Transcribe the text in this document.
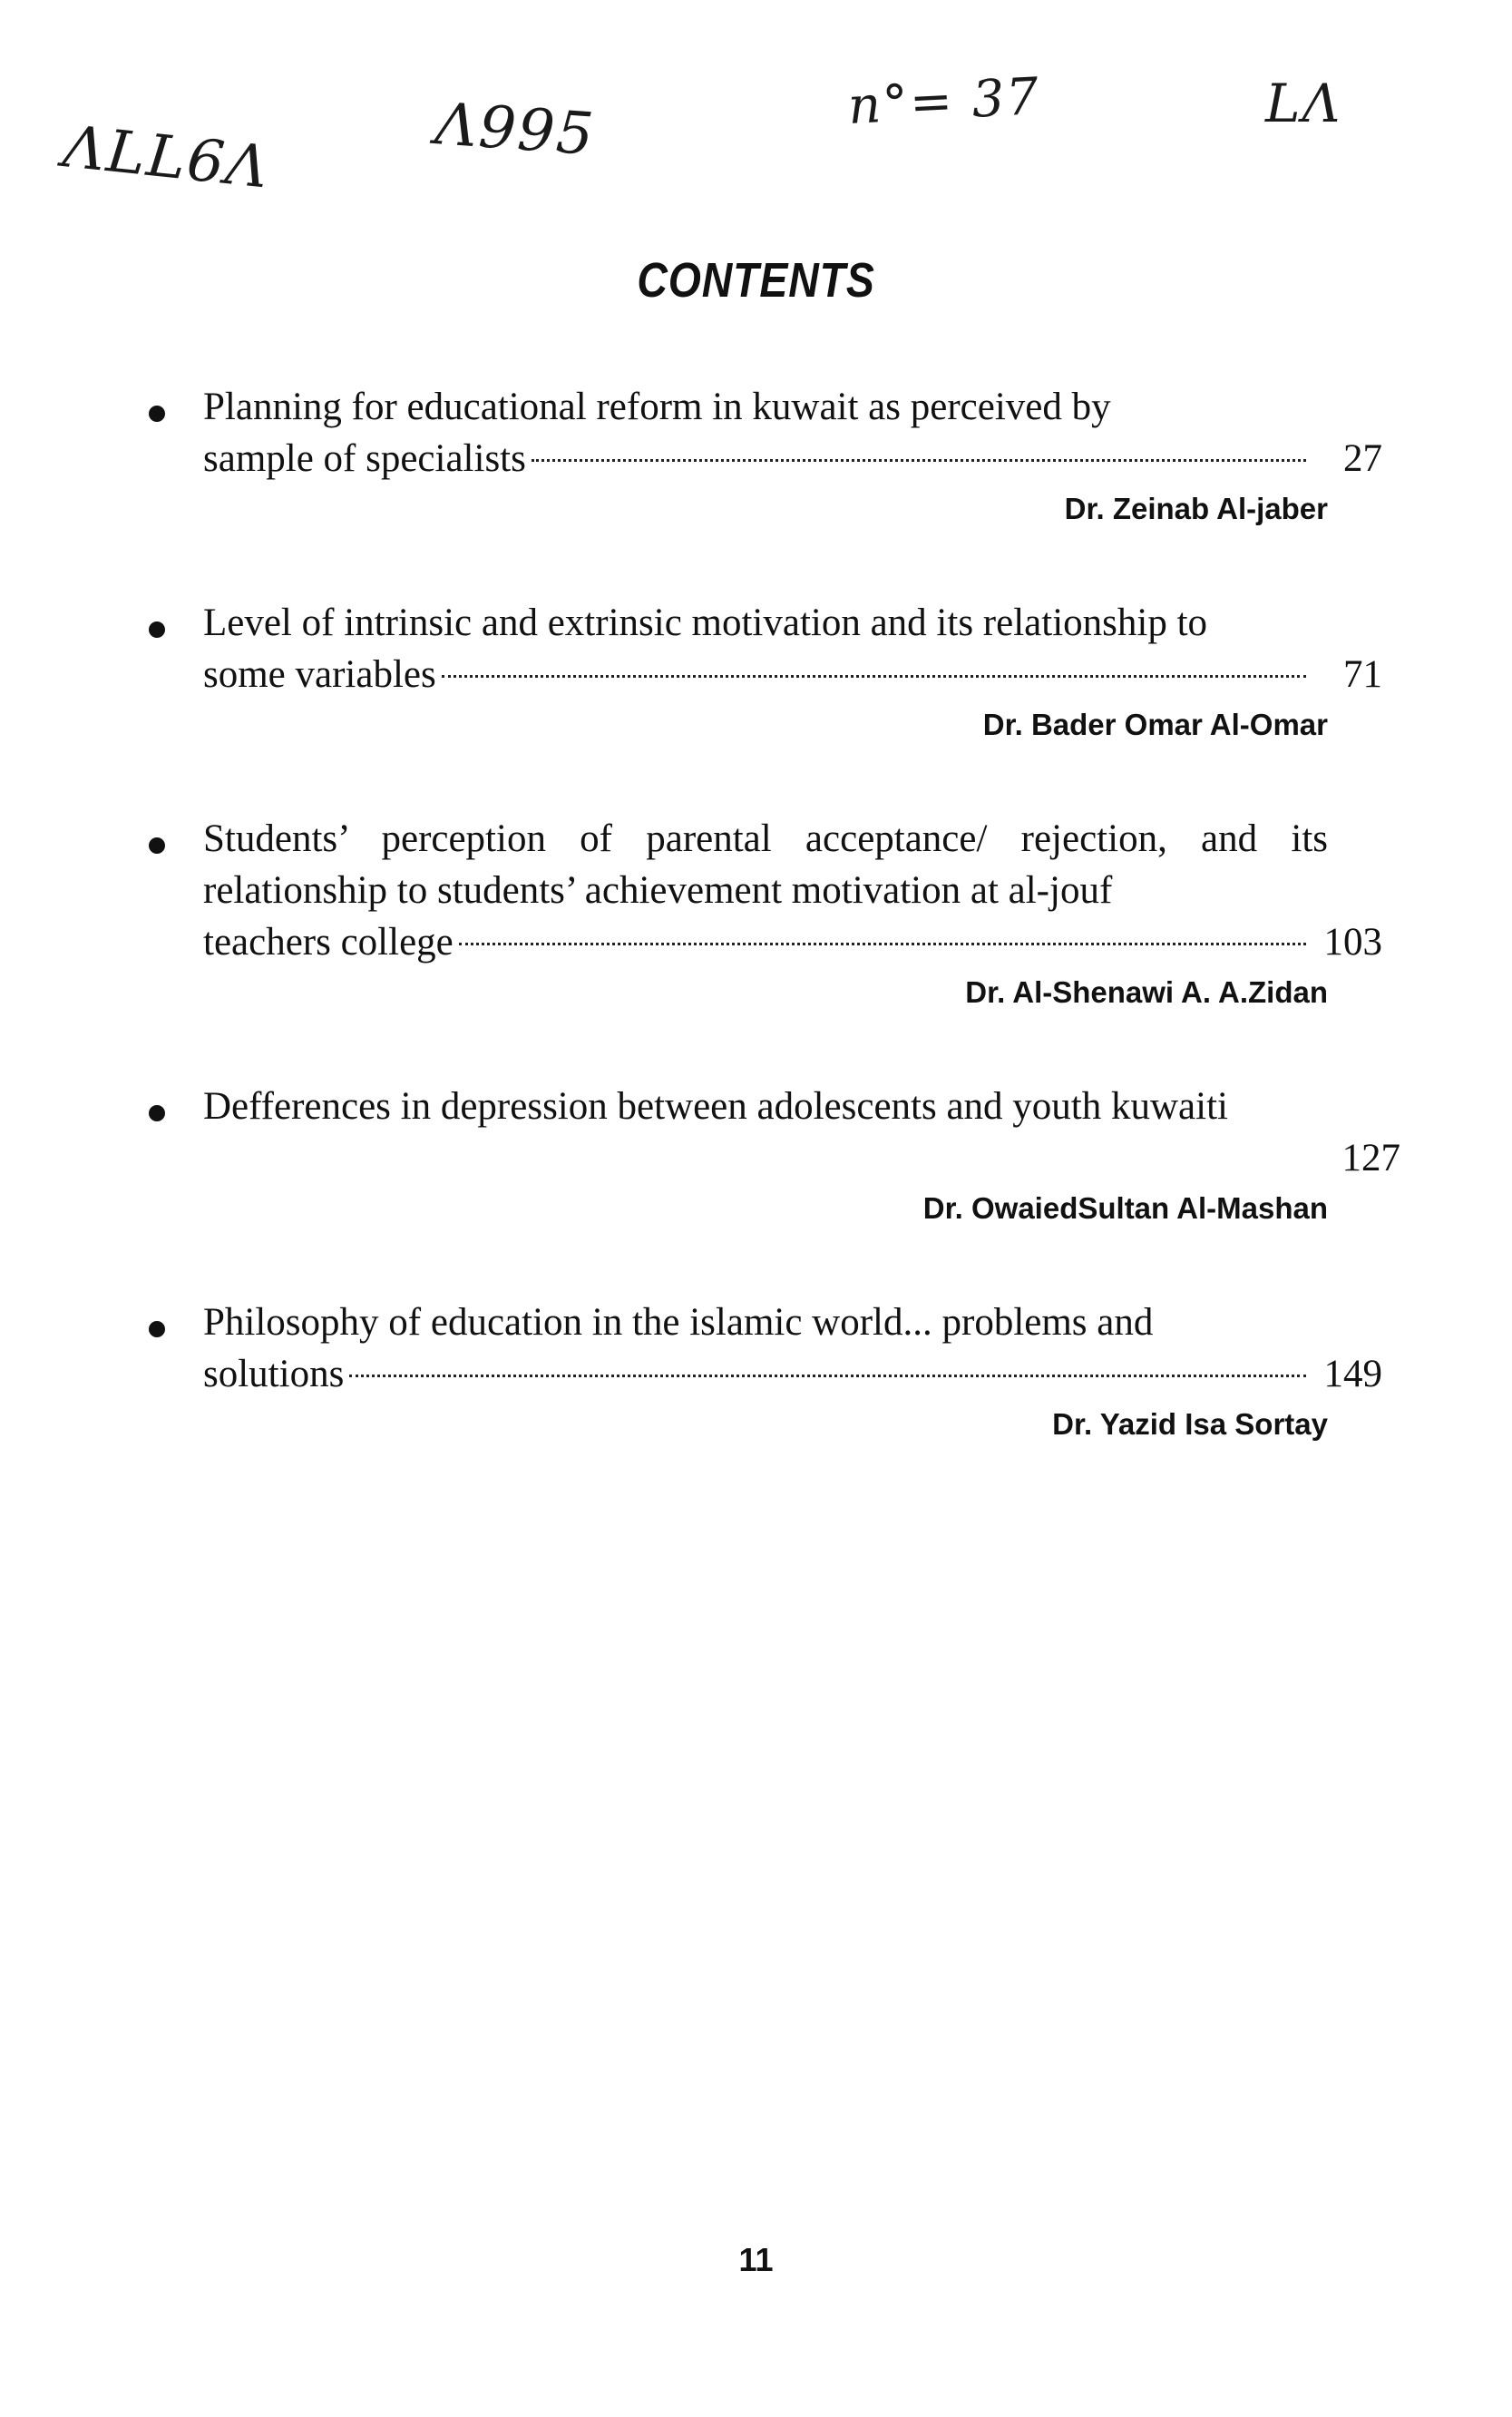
ΛLL6Λ	Λ995	n°= 37	LΛ
CONTENTS
Planning for educational reform in kuwait as perceived by
sample of specialists	27
Dr. Zeinab Al-jaber
Level of intrinsic and extrinsic motivation and its relationship to
some variables	71
Dr. Bader Omar Al-Omar
Students’ perception of parental acceptance/ rejection, and its relationship to students’ achievement motivation at al-jouf
teachers college	103
Dr. Al-Shenawi A. A.Zidan
Defferences in depression between adolescents and youth kuwaiti
127
Dr. OwaiedSultan Al-Mashan
Philosophy of education in the islamic world... problems and
solutions	149
Dr. Yazid Isa Sortay
11
